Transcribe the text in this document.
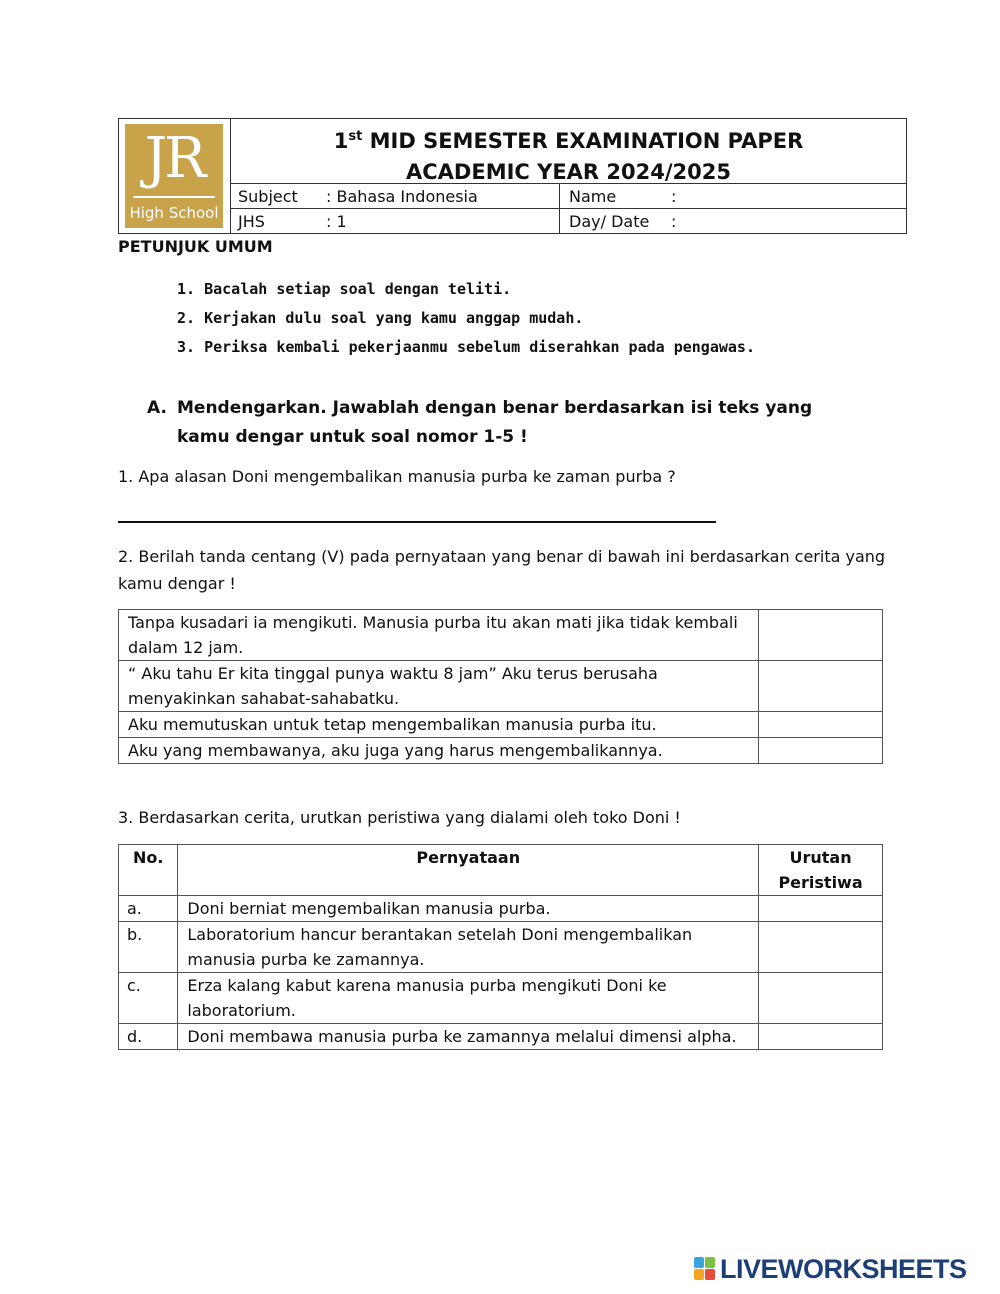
JR
High School
1st MID SEMESTER EXAMINATION PAPER
ACADEMIC YEAR 2024/2025
Subject : Bahasa Indonesia	Name	:
JHS	: 1	Day/ Date :
PETUNJUK UMUM
1. Bacalah setiap soal dengan teliti.
2. Kerjakan dulu soal yang kamu anggap mudah.
3. Periksa kembali pekerjaanmu sebelum diserahkan pada pengawas.
A. Mendengarkan. Jawablah dengan benar berdasarkan isi teks yang kamu dengar untuk soal nomor 1-5 !
1. Apa alasan Doni mengembalikan manusia purba ke zaman purba ?
2. Berilah tanda centang (V) pada pernyataan yang benar di bawah ini berdasarkan cerita yang kamu dengar !
Tanpa kusadari ia mengikuti. Manusia purba itu akan mati jika tidak kembali dalam 12 jam.	
“ Aku tahu Er kita tinggal punya waktu 8 jam” Aku terus berusaha menyakinkan sahabat-sahabatku.	
Aku memutuskan untuk tetap mengembalikan manusia purba itu.	
Aku yang membawanya, aku juga yang harus mengembalikannya.	
3. Berdasarkan cerita, urutkan peristiwa yang dialami oleh toko Doni !
No.	Pernyataan	Urutan Peristiwa
a.	Doni berniat mengembalikan manusia purba.	
b.	Laboratorium hancur berantakan setelah Doni mengembalikan manusia purba ke zamannya.	
c.	Erza kalang kabut karena manusia purba mengikuti Doni ke laboratorium.	
d.	Doni membawa manusia purba ke zamannya melalui dimensi alpha.	
LIVEWORKSHEETS
